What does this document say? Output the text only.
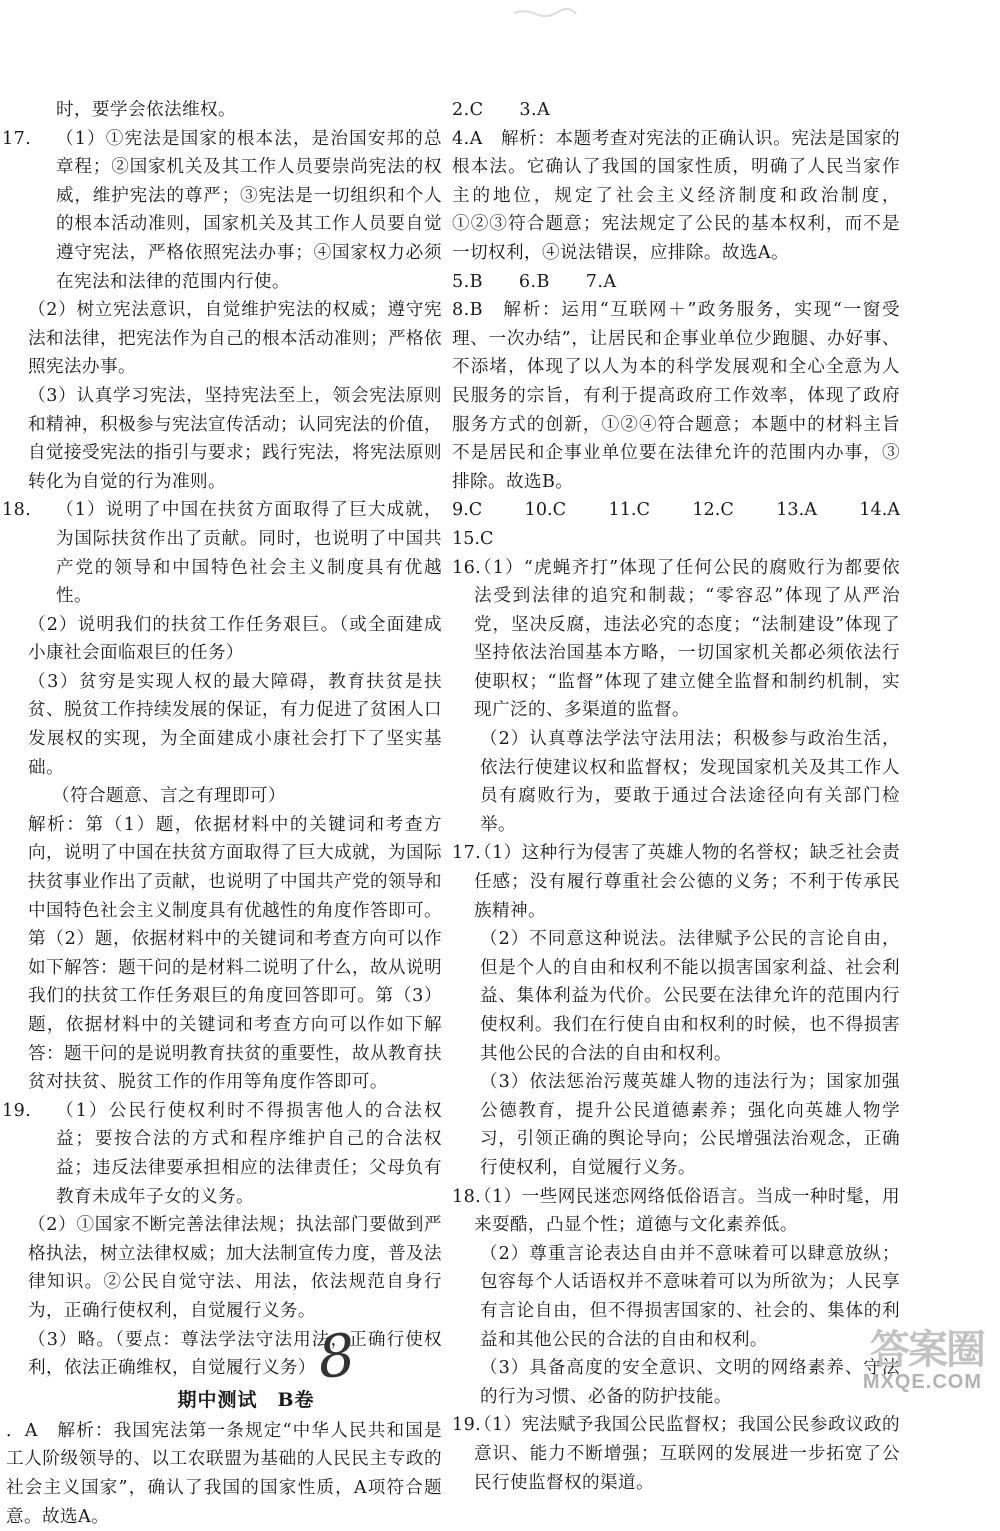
时，要学会依法维权。
17. （1）①宪法是国家的根本法，是治国安邦的总章程；②国家机关及其工作人员要崇尚宪法的权威，维护宪法的尊严；③宪法是一切组织和个人的根本活动准则，国家机关及其工作人员要自觉遵守宪法，严格依照宪法办事；④国家权力必须在宪法和法律的范围内行使。
（2）树立宪法意识，自觉维护宪法的权威；遵守宪法和法律，把宪法作为自己的根本活动准则；严格依照宪法办事。
（3）认真学习宪法，坚持宪法至上，领会宪法原则和精神，积极参与宪法宣传活动；认同宪法的价值，自觉接受宪法的指引与要求；践行宪法，将宪法原则转化为自觉的行为准则。
18. （1）说明了中国在扶贫方面取得了巨大成就，为国际扶贫作出了贡献。同时，也说明了中国共产党的领导和中国特色社会主义制度具有优越性。
（2）说明我们的扶贫工作任务艰巨。（或全面建成小康社会面临艰巨的任务）
（3）贫穷是实现人权的最大障碍，教育扶贫是扶贫、脱贫工作持续发展的保证，有力促进了贫困人口发展权的实现，为全面建成小康社会打下了坚实基础。
（符合题意、言之有理即可）
解析：第（1）题，依据材料中的关键词和考查方向，说明了中国在扶贫方面取得了巨大成就，为国际扶贫事业作出了贡献，也说明了中国共产党的领导和中国特色社会主义制度具有优越性的角度作答即可。第（2）题，依据材料中的关键词和考查方向可以作如下解答：题干问的是材料二说明了什么，故从说明我们的扶贫工作任务艰巨的角度回答即可。第（3）题，依据材料中的关键词和考查方向可以作如下解答：题干问的是说明教育扶贫的重要性，故从教育扶贫对扶贫、脱贫工作的作用等角度作答即可。
19. （1）公民行使权利时不得损害他人的合法权益；要按合法的方式和程序维护自己的合法权益；违反法律要承担相应的法律责任；父母负有教育未成年子女的义务。
（2）①国家不断完善法律法规；执法部门要做到严格执法，树立法律权威；加大法制宣传力度，普及法律知识。②公民自觉守法、用法，依法规范自身行为，正确行使权利，自觉履行义务。
（3）略。（要点：尊法学法守法用法，正确行使权利，依法正确维权，自觉履行义务）
期中测试　B卷
．A　解析：我国宪法第一条规定“中华人民共和国是工人阶级领导的、以工农联盟为基础的人民民主专政的社会主义国家”，确认了我国的国家性质，A项符合题意。故选A。
2.C　　3.A
4.A　解析：本题考查对宪法的正确认识。宪法是国家的根本法。它确认了我国的国家性质，明确了人民当家作主的地位，规定了社会主义经济制度和政治制度，①②③符合题意；宪法规定了公民的基本权利，而不是一切权利，④说法错误，应排除。故选A。
5.B　　6.B　　7.A
8.B　解析：运用“互联网＋”政务服务，实现“一窗受理、一次办结”，让居民和企事业单位少跑腿、办好事、不添堵，体现了以人为本的科学发展观和全心全意为人民服务的宗旨，有利于提高政府工作效率，体现了政府服务方式的创新，①②④符合题意；本题中的材料主旨不是居民和企事业单位要在法律允许的范围内办事，③排除。故选B。
9.C　　10.C　　11.C　　12.C　　13.A　　14.A　　15.C
16.
（1）“虎蝇齐打”体现了任何公民的腐败行为都要依法受到法律的追究和制裁；“零容忍”体现了从严治党，坚决反腐，违法必究的态度；“法制建设”体现了坚持依法治国基本方略，一切国家机关都必须依法行使职权；“监督”体现了建立健全监督和制约机制，实现广泛的、多渠道的监督。
（2）认真尊法学法守法用法；积极参与政治生活，依法行使建议权和监督权；发现国家机关及其工作人员有腐败行为，要敢于通过合法途径向有关部门检举。
17.
（1）这种行为侵害了英雄人物的名誉权；缺乏社会责任感；没有履行尊重社会公德的义务；不利于传承民族精神。
（2）不同意这种说法。法律赋予公民的言论自由，但是个人的自由和权利不能以损害国家利益、社会利益、集体利益为代价。公民要在法律允许的范围内行使权利。我们在行使自由和权利的时候，也不得损害其他公民的合法的自由和权利。
（3）依法惩治污蔑英雄人物的违法行为；国家加强公德教育，提升公民道德素养；强化向英雄人物学习，引领正确的舆论导向；公民增强法治观念，正确行使权利，自觉履行义务。
18.
（1）一些网民迷恋网络低俗语言。当成一种时髦，用来耍酷，凸显个性；道德与文化素养低。
（2）尊重言论表达自由并不意味着可以肆意放纵；包容每个人话语权并不意味着可以为所欲为；人民享有言论自由，但不得损害国家的、社会的、集体的利益和其他公民的合法的自由和权利。
（3）具备高度的安全意识、文明的网络素养、守法的行为习惯、必备的防护技能。
19.
（1）宪法赋予我国公民监督权；我国公民参政议政的意识、能力不断增强；互联网的发展进一步拓宽了公民行使监督权的渠道。
8	答案圈
MXQE.COM
